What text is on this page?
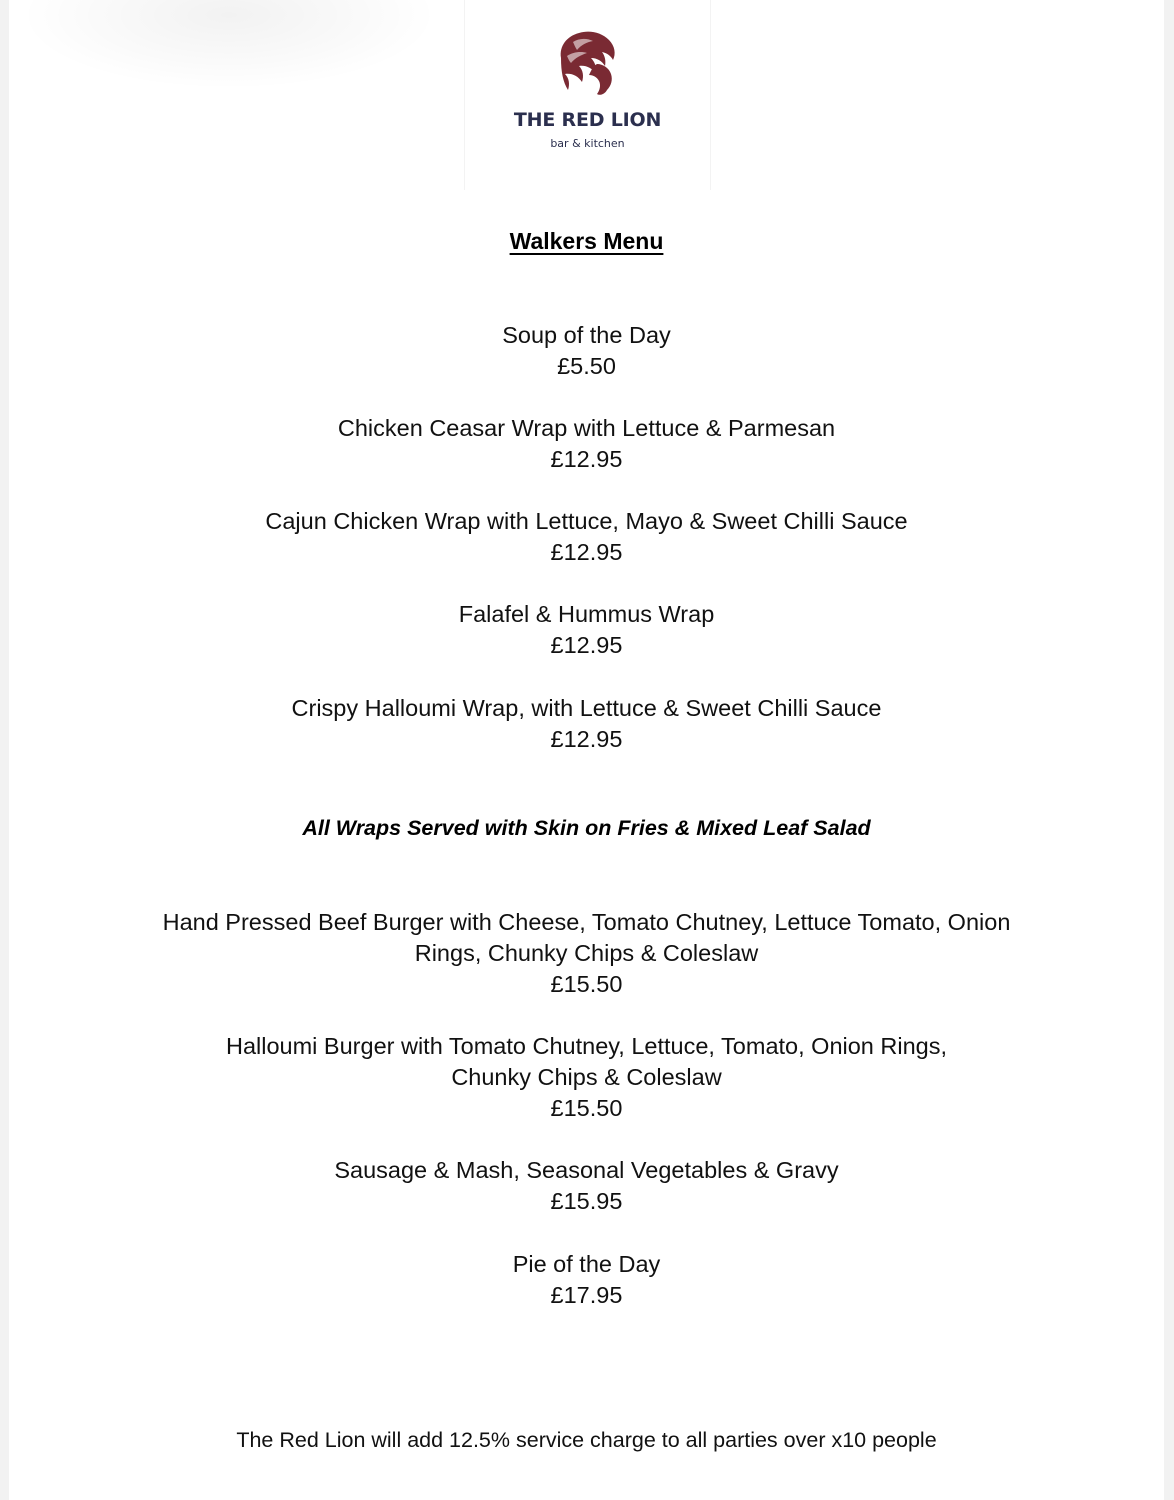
THE RED LION
bar & kitchen
Walkers Menu
Soup of the Day
£5.50
Chicken Ceasar Wrap with Lettuce & Parmesan
£12.95
Cajun Chicken Wrap with Lettuce, Mayo & Sweet Chilli Sauce
£12.95
Falafel & Hummus Wrap
£12.95
Crispy Halloumi Wrap, with Lettuce & Sweet Chilli Sauce
£12.95
All Wraps Served with Skin on Fries & Mixed Leaf Salad
Hand Pressed Beef Burger with Cheese, Tomato Chutney, Lettuce Tomato, Onion
Rings, Chunky Chips & Coleslaw
£15.50
Halloumi Burger with Tomato Chutney, Lettuce, Tomato, Onion Rings,
Chunky Chips & Coleslaw
£15.50
Sausage & Mash, Seasonal Vegetables & Gravy
£15.95
Pie of the Day
£17.95
The Red Lion will add 12.5% service charge to all parties over x10 people
